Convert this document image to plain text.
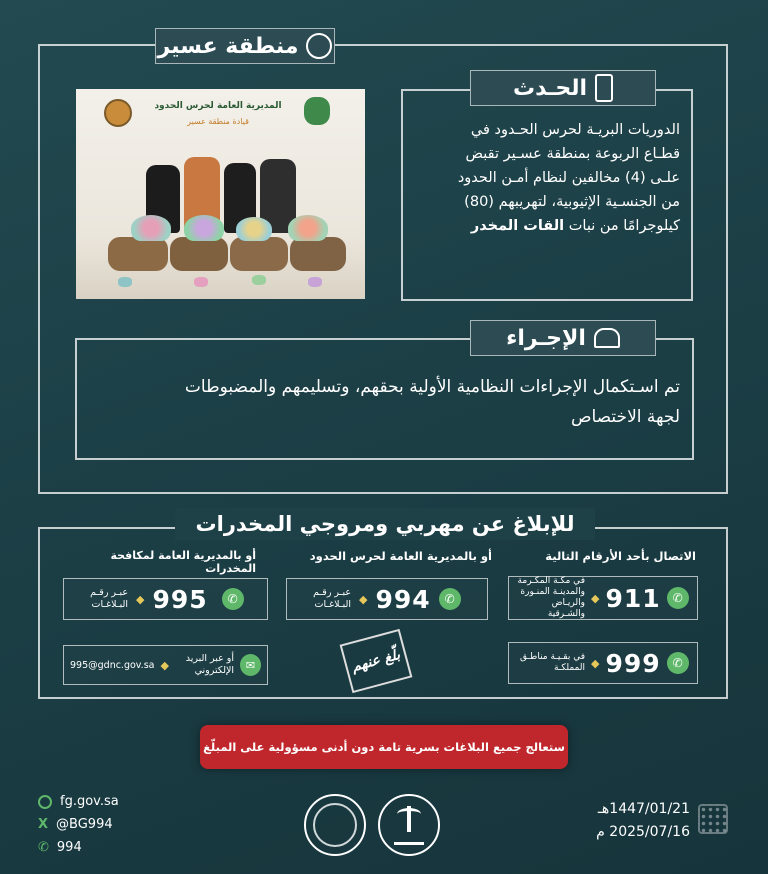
منطقة عسير
المديرية العامة لحرس الحدود
قيادة منطقة عسير
الحـدث
الدوريات البريـة لحرس الحـدود في
قطـاع الربوعة بمنطقة عسـير تقبض
علـى (4) مخالفين لنظام أمـن الحدود
من الجنسـية الإثيوبية، لتهريبهم (80)
كيلوجرامًا من نبات القات المخدر
الإجـراء
تم اسـتكمال الإجراءات النظامية الأولية بحقهم، وتسليمهم والمضبوطات
لجهة الاختصاص
للإبلاغ عن مهربي ومروجي المخدرات
الاتصال بأحد الأرقام التالية
أو بالمديرية العامة لحرس الحدود
أو بالمديرية العامة لمكافحة المخدرات
في مكـة المكـرمة والمدينـة المنـورة والريـاض والشـرقية
◆ 911 ✆
في بقـيـة مناطـق المملكـة ◆ 999 ✆
عبـر رقـم البـلاغـات ◆ 994 ✆
عبـر رقـم البـلاغـات ◆ 995 ✆
995@gdnc.gov.sa ◆	أو عبر البريد الإلكتروني ✉	بلّغ عنهم
ستعالج جميع البلاغات بسرية تامة دون أدنى مسؤولية على المبلّغ
fg.gov.sa
X @BG994
✆ 994
1447/01/21هـ
2025/07/16 م
